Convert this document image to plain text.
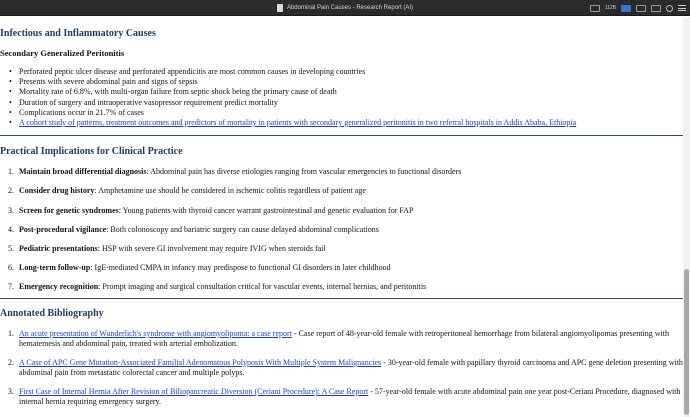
Abdominal Pain Causes - Research Report (AI)	112B
Infectious and Inflammatory Causes
Secondary Generalized Peritonitis
• Perforated peptic ulcer disease and perforated appendicitis are most common causes in developing countries
• Presents with severe abdominal pain and signs of sepsis
• Mortality rate of 6.8%, with multi-organ failure from septic shock being the primary cause of death
• Duration of surgery and intraoperative vasopressor requirement predict mortality
• Complications occur in 21.7% of cases
• A cohort study of patterns, treatment outcomes and predictors of mortality in patients with secondary generalized peritonitis in two referral hospitals in Addis Ababa, Ethiopia
Practical Implications for Clinical Practice
1. Maintain broad differential diagnosis: Abdominal pain has diverse etiologies ranging from vascular emergencies to functional disorders
2. Consider drug history: Amphetamine use should be considered in ischemic colitis regardless of patient age
3. Screen for genetic syndromes: Young patients with thyroid cancer warrant gastrointestinal and genetic evaluation for FAP
4. Post-procedural vigilance: Both colonoscopy and bariatric surgery can cause delayed abdominal complications
5. Pediatric presentations: HSP with severe GI involvement may require IVIG when steroids fail
6. Long-term follow-up: IgE-mediated CMPA in infancy may predispose to functional GI disorders in later childhood
7. Emergency recognition: Prompt imaging and surgical consultation critical for vascular events, internal hernias, and peritonitis
Annotated Bibliography
1. An acute presentation of Wunderlich's syndrome with angiomyolipoma: a case report - Case report of 48-year-old female with retroperitoneal hemorrhage from bilateral angiomyolipomas presenting with hematemesis and abdominal pain, treated with arterial embolization.
2. A Case of APC Gene Mutation-Associated Familial Adenomatous Polyposis With Multiple System Malignancies - 30-year-old female with papillary thyroid carcinoma and APC gene deletion presenting with abdominal pain from metastatic colorectal cancer and multiple polyps.
3. First Case of Internal Hernia After Revision of Biliopancreatic Diversion (Ceriani Procedure): A Case Report - 57-year-old female with acute abdominal pain one year post-Ceriani Procedure, diagnosed with internal hernia requiring emergency surgery.
